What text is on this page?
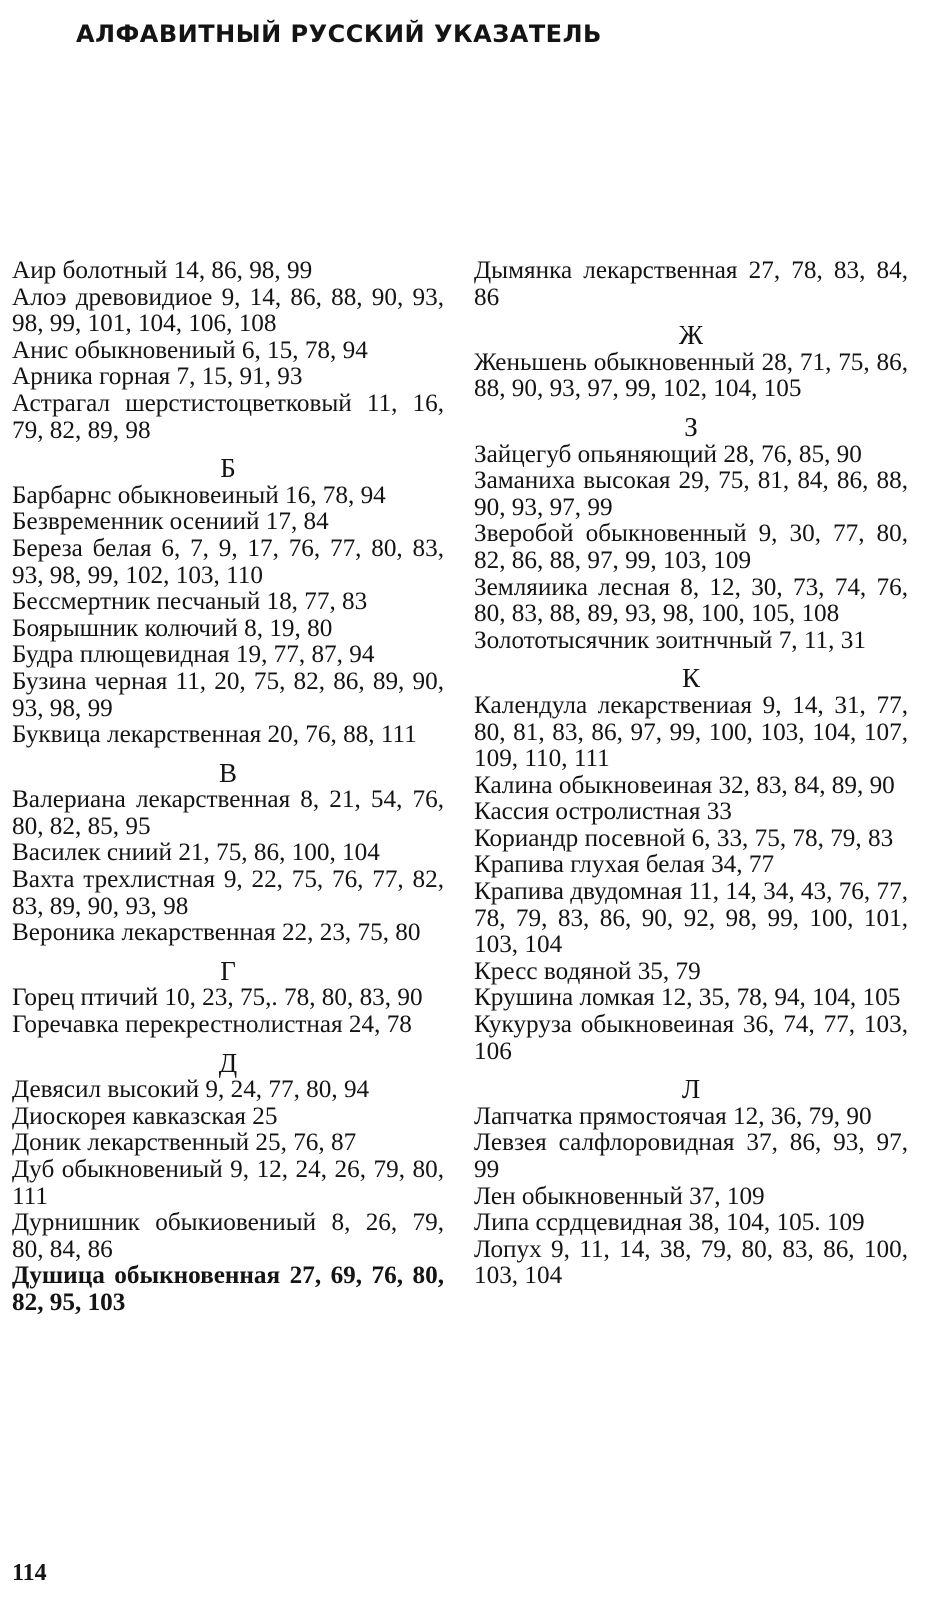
АЛФАВИТНЫЙ РУССКИЙ УКАЗАТЕЛЬ
Аир болотный 14, 86, 98, 99
Алоэ древовидиое 9, 14, 86, 88, 90, 93, 98, 99, 101, 104, 106, 108
Анис обыкновениый 6, 15, 78, 94
Арника горная 7, 15, 91, 93
Астрагал шерстистоцветковый 11, 16, 79, 82, 89, 98
Б
Барбарнс обыкновеиный 16, 78, 94
Безвременник осениий 17, 84
Береза белая 6, 7, 9, 17, 76, 77, 80, 83, 93, 98, 99, 102, 103, 110
Бессмертник песчаный 18, 77, 83
Боярышник колючий 8, 19, 80
Будра плющевидная 19, 77, 87, 94
Бузина черная 11, 20, 75, 82, 86, 89, 90, 93, 98, 99
Буквица лекарственная 20, 76, 88, 111
В
Валериана лекарственная 8, 21, 54, 76, 80, 82, 85, 95
Василек сниий 21, 75, 86, 100, 104
Вахта трехлистная 9, 22, 75, 76, 77, 82, 83, 89, 90, 93, 98
Вероника лекарственная 22, 23, 75, 80
Г
Горец птичий 10, 23, 75,. 78, 80, 83, 90
Горечавка перекрестнолистная 24, 78
Д
Девясил высокий 9, 24, 77, 80, 94
Диоскорея кавказская 25
Доник лекарственный 25, 76, 87
Дуб обыкновениый 9, 12, 24, 26, 79, 80, 111
Дурнишник обыкиовениый 8, 26, 79, 80, 84, 86
Душица обыкновенная 27, 69, 76, 80, 82, 95, 103
Дымянка лекарственная 27, 78, 83, 84, 86
Ж
Женьшень обыкновенный 28, 71, 75, 86, 88, 90, 93, 97, 99, 102, 104, 105
З
Зайцегуб опьяняющий 28, 76, 85, 90
Заманиха высокая 29, 75, 81, 84, 86, 88, 90, 93, 97, 99
Зверобой обыкновенный 9, 30, 77, 80, 82, 86, 88, 97, 99, 103, 109
Земляиика лесная 8, 12, 30, 73, 74, 76, 80, 83, 88, 89, 93, 98, 100, 105, 108
Золототысячник зоитнчный 7, 11, 31
К
Календула лекарствениая 9, 14, 31, 77, 80, 81, 83, 86, 97, 99, 100, 103, 104, 107, 109, 110, 111
Калина обыкновеиная 32, 83, 84, 89, 90
Кассия остролистная 33
Кориандр посевной 6, 33, 75, 78, 79, 83
Крапива глухая белая 34, 77
Крапива двудомная 11, 14, 34, 43, 76, 77, 78, 79, 83, 86, 90, 92, 98, 99, 100, 101, 103, 104
Кресс водяной 35, 79
Крушина ломкая 12, 35, 78, 94, 104, 105
Кукуруза обыкновеиная 36, 74, 77, 103, 106
Л
Лапчатка прямостоячая 12, 36, 79, 90
Левзея салфлоровидная 37, 86, 93, 97, 99
Лен обыкновенный 37, 109
Липа ссрдцевидная 38, 104, 105. 109
Лопух 9, 11, 14, 38, 79, 80, 83, 86, 100, 103, 104
114
